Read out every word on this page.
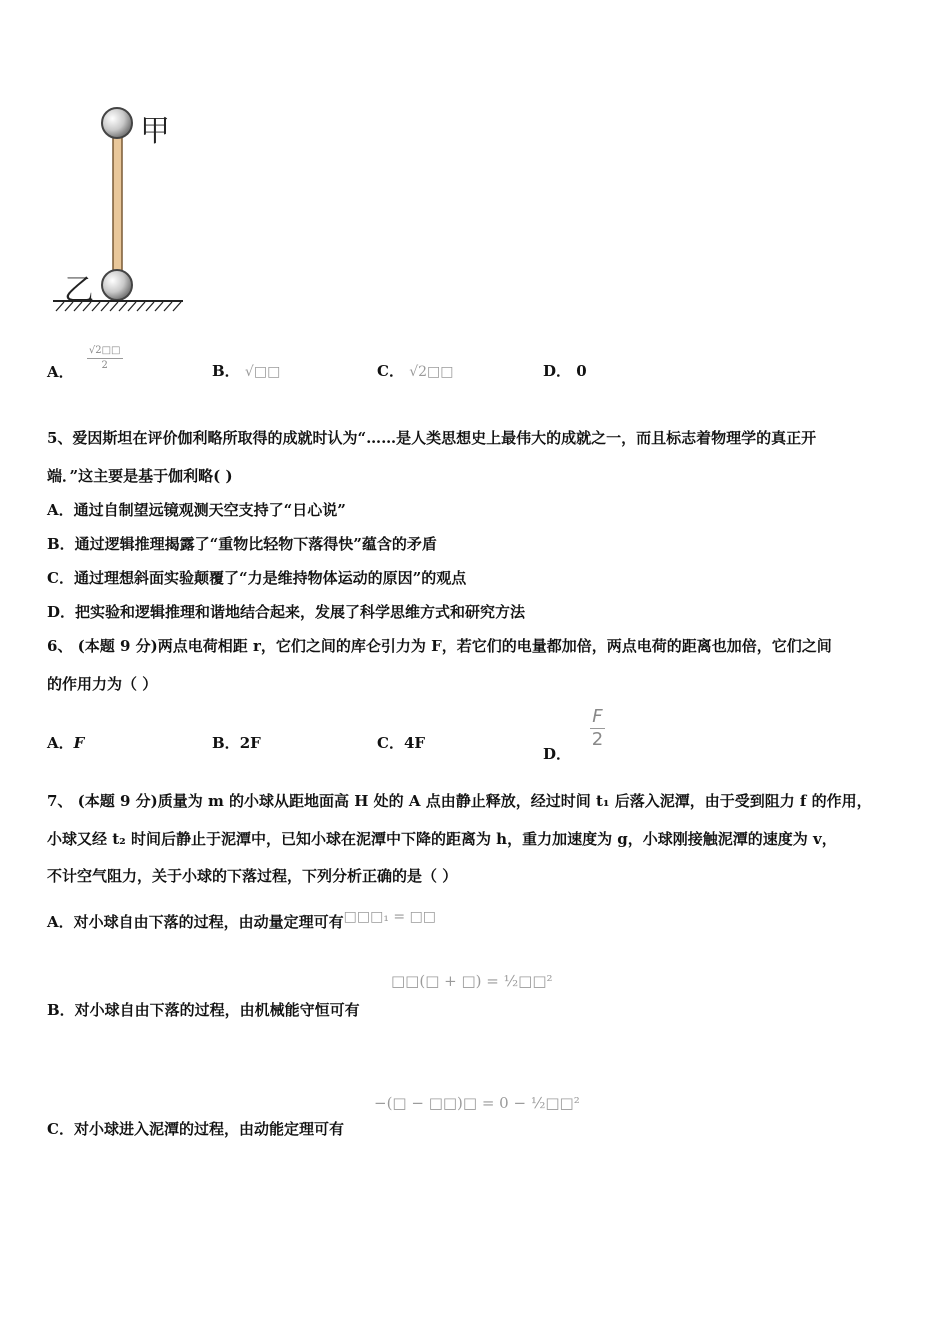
甲
乙
A．
$\frac{√2□□}{2}$	B． √□□	C． √2□□	D． 0
5、爱因斯坦在评价伽利略所取得的成就时认为“……是人类思想史上最伟大的成就之一，而且标志着物理学的真正开
端．”这主要是基于伽利略( )
A．通过自制望远镜观测天空支持了“日心说”
B．通过逻辑推理揭露了“重物比轻物下落得快”蕴含的矛盾
C．通过理想斜面实验颠覆了“力是维持物体运动的原因”的观点
D．把实验和逻辑推理和谐地结合起来，发展了科学思维方式和研究方法
6、 (本题 9 分)两点电荷相距 r，它们之间的库仑引力为 F，若它们的电量都加倍，两点电荷的距离也加倍，它们之间
的作用力为（ ）
A．F	B．2F	C．4F
D．
$\frac{F}{2}$
7、 (本题 9 分)质量为 m 的小球从距地面高 H 处的 A 点由静止释放，经过时间 t₁ 后落入泥潭，由于受到阻力 f 的作用，
小球又经 t₂ 时间后静止于泥潭中，已知小球在泥潭中下降的距离为 h，重力加速度为 g，小球刚接触泥潭的速度为 v，
不计空气阻力，关于小球的下落过程，下列分析正确的是（ ）
A．对小球自由下落的过程，由动量定理可有□□□₁ = □□
□□(□ + □) = ½□□²
B．对小球自由下落的过程，由机械能守恒可有
−(□ − □□)□ = 0 − ½□□²
C．对小球进入泥潭的过程，由动能定理可有
